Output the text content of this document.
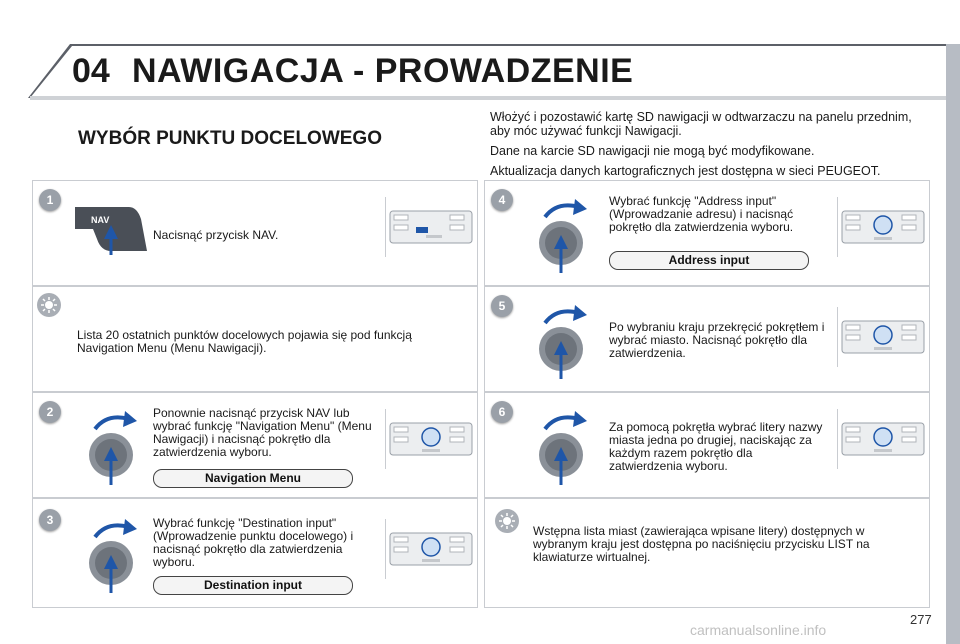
04 NAWIGACJA - PROWADZENIE
WYBÓR PUNKTU DOCELOWEGO

Włożyć i pozostawić kartę SD nawigacji w odtwarzaczu na panelu przednim, aby móc używać funkcji Nawigacji.

Dane na karcie SD nawigacji nie mogą być modyfikowane.

Aktualizacja danych kartograficznych jest dostępna w sieci PEUGEOT.

1
NAV
Nacisnąć przycisk NAV.
Lista 20 ostatnich punktów docelowych pojawia się pod funkcją Navigation Menu (Menu Nawigacji).
2	Ponownie nacisnąć przycisk NAV lub wybrać funkcję "Navigation Menu" (Menu Nawigacji) i nacisnąć pokrętło dla zatwierdzenia wyboru.
Navigation Menu
3	Wybrać funkcję "Destination input" (Wprowadzenie punktu docelowego) i nacisnąć pokrętło dla zatwierdzenia wyboru.
Destination input
4	Wybrać funkcję "Address input" (Wprowadzanie adresu) i nacisnąć pokrętło dla zatwierdzenia wyboru.
Address input
5
Po wybraniu kraju przekręcić pokrętłem i wybrać miasto. Nacisnąć pokrętło dla zatwierdzenia.
6
Za pomocą pokrętła wybrać litery nazwy miasta jedna po drugiej, naciskając za każdym razem pokrętło dla zatwierdzenia wyboru.
Wstępna lista miast (zawierająca wpisane litery) dostępnych w wybranym kraju jest dostępna po naciśnięciu przycisku LIST na klawiaturze wirtualnej.
carmanualsonline.info
277
